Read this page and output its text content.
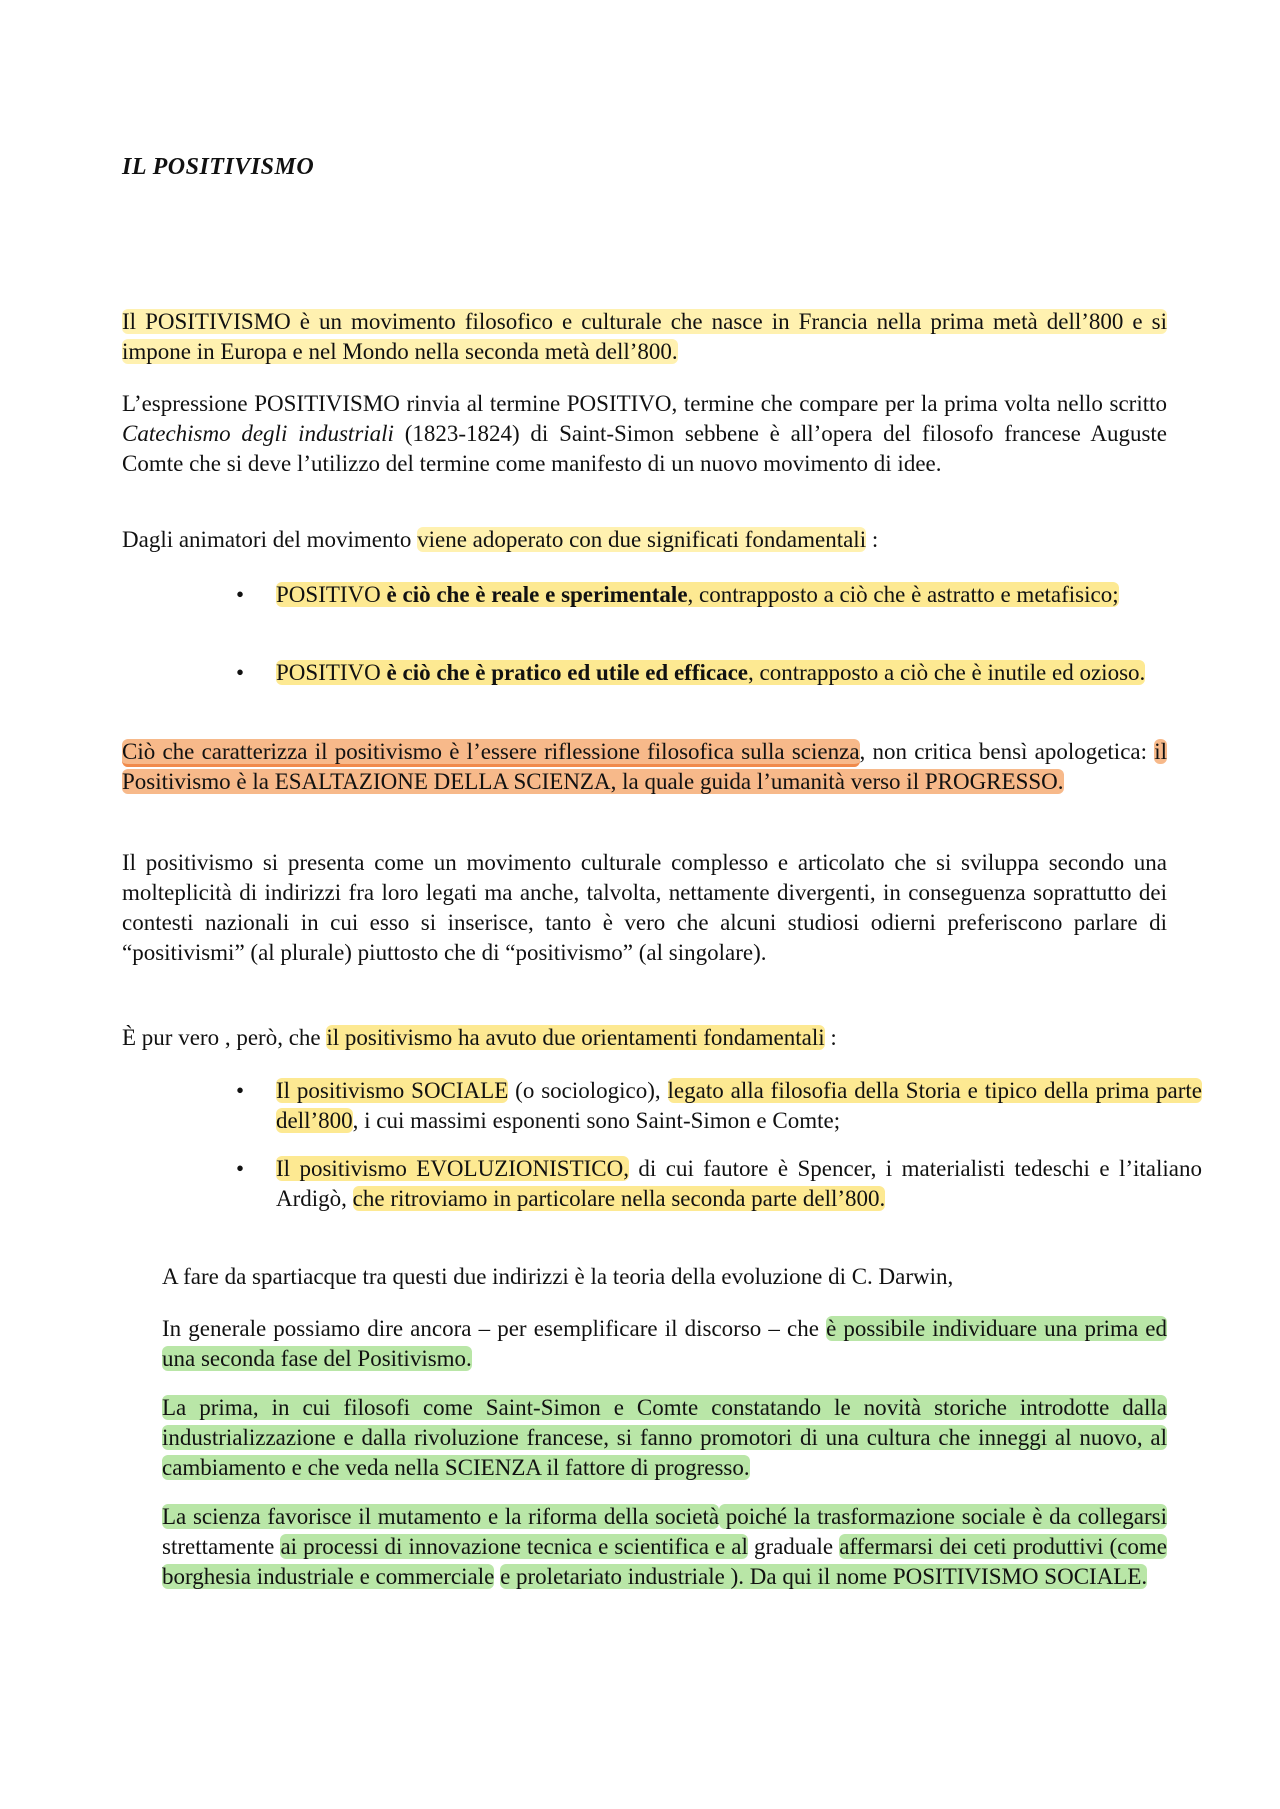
IL POSITIVISMO

Il POSITIVISMO è un movimento filosofico e culturale che nasce in Francia nella prima metà dell’800 e si impone in Europa e nel Mondo nella seconda metà dell’800.

L’espressione POSITIVISMO rinvia al termine POSITIVO, termine che compare per la prima volta nello scritto Catechismo degli industriali (1823-1824) di Saint-Simon sebbene è all’opera del filosofo francese Auguste Comte che si deve l’utilizzo del termine come manifesto di un nuovo movimento di idee.

Dagli animatori del movimento viene adoperato con due significati fondamentali :

• POSITIVO è ciò che è reale e sperimentale, contrapposto a ciò che è astratto e metafisico;

• POSITIVO è ciò che è pratico ed utile ed efficace, contrapposto a ciò che è inutile ed ozioso.

Ciò che caratterizza il positivismo è l’essere riflessione filosofica sulla scienza, non critica bensì apologetica: il Positivismo è la ESALTAZIONE DELLA SCIENZA, la quale guida l’umanità verso il PROGRESSO.

Il positivismo si presenta come un movimento culturale complesso e articolato che si sviluppa secondo una molteplicità di indirizzi fra loro legati ma anche, talvolta, nettamente divergenti, in conseguenza soprattutto dei contesti nazionali in cui esso si inserisce, tanto è vero che alcuni studiosi odierni preferiscono parlare di “positivismi” (al plurale) piuttosto che di “positivismo” (al singolare).

È pur vero , però, che il positivismo ha avuto due orientamenti fondamentali :

• Il positivismo SOCIALE (o sociologico), legato alla filosofia della Storia e tipico della prima parte dell’800, i cui massimi esponenti sono Saint-Simon e Comte;

• Il positivismo EVOLUZIONISTICO, di cui fautore è Spencer, i materialisti tedeschi e l’italiano Ardigò, che ritroviamo in particolare nella seconda parte dell’800.

A fare da spartiacque tra questi due indirizzi è la teoria della evoluzione di C. Darwin,

In generale possiamo dire ancora – per esemplificare il discorso – che è possibile individuare una prima ed una seconda fase del Positivismo.

La prima, in cui filosofi come Saint-Simon e Comte constatando le novità storiche introdotte dalla industrializzazione e dalla rivoluzione francese, si fanno promotori di una cultura che inneggi al nuovo, al cambiamento e che veda nella SCIENZA il fattore di progresso.

La scienza favorisce il mutamento e la riforma della società poiché la trasformazione sociale è da collegarsi strettamente ai processi di innovazione tecnica e scientifica e al graduale affermarsi dei ceti produttivi (come borghesia industriale e commerciale e proletariato industriale ). Da qui il nome POSITIVISMO SOCIALE.
